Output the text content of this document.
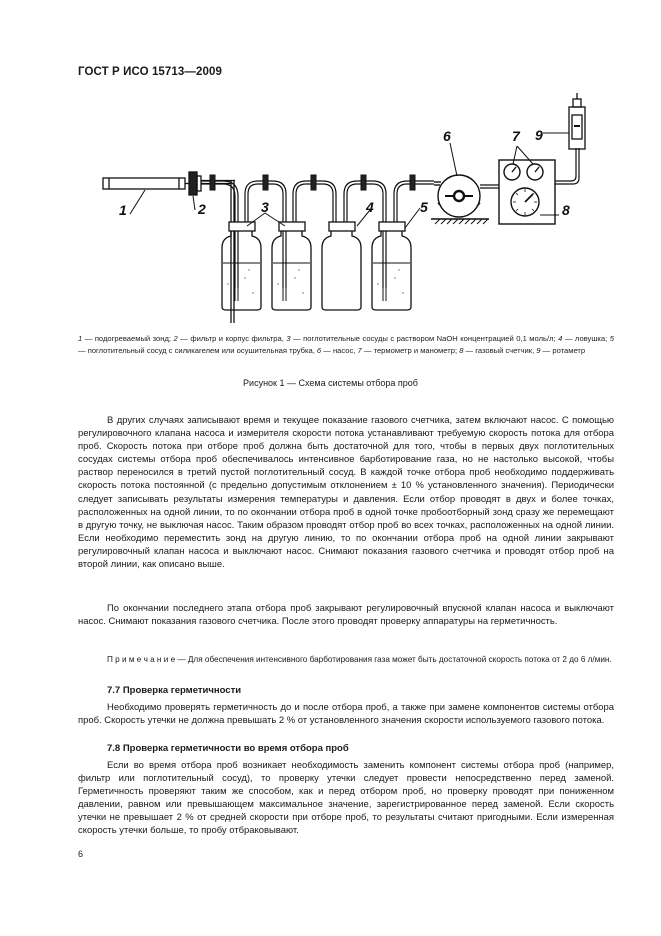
ГОСТ Р ИСО 15713—2009
1	2	3	4	5
6	7
8
9
1 — подогреваемый зонд; 2 — фильтр и корпус фильтра, 3 — поглотительные сосуды с раствором NaOH концентрацией 0,1 моль/л; 4 — ловушка; 5 — поглотительный сосуд с силикагелем или осушительная трубка, 6 — насос, 7 — термометр и манометр; 8 — газовый счетчик, 9 — ротаметр
Рисунок 1 — Схема системы отбора проб

В других случаях записывают время и текущее показание газового счетчика, затем включают насос. С помощью регулировочного клапана насоса и измерителя скорости потока устанавливают требуемую скорость потока для отбора проб. Скорость потока при отборе проб должна быть достаточной для того, чтобы в первых двух поглотительных сосудах системы отбора проб обеспечивалось интенсивное барботирование газа, но не настолько высокой, чтобы раствор переносился в третий пустой поглотительный сосуд. В каждой точке отбора проб необходимо поддерживать скорость потока постоянной (с предельно допустимым отклонением ± 10 % установленного значения). Периодически следует записывать результаты измерения температуры и давления. Если отбор проводят в двух и более точках, расположенных на одной линии, то по окончании отбора проб в одной точке пробоотборный зонд сразу же перемещают в другую точку, не выключая насос. Таким образом проводят отбор проб во всех точках, расположенных на одной линии. Если необходимо переместить зонд на другую линию, то по окончании отбора проб на одной линии закрывают регулировочный клапан насоса и выключают насос. Снимают показания газового счетчика и проводят отбор проб на второй линии, как описано выше.

По окончании последнего этапа отбора проб закрывают регулировочный впускной клапан насоса и выключают насос. Снимают показания газового счетчика. После этого проводят проверку аппаратуры на герметичность.

П р и м е ч а н и е — Для обеспечения интенсивного барботирования газа может быть достаточной скорость потока от 2 до 6 л/мин.
7.7 Проверка герметичности

Необходимо проверять герметичность до и после отбора проб, а также при замене компонентов системы отбора проб. Скорость утечки не должна превышать 2 % от установленного значения скорости используемого газового потока.

7.8 Проверка герметичности во время отбора проб

Если во время отбора проб возникает необходимость заменить компонент системы отбора проб (например, фильтр или поглотительный сосуд), то проверку утечки следует провести непосредственно перед заменой. Герметичность проверяют таким же способом, как и перед отбором проб, но проверку проводят при пониженном давлении, равном или превышающем максимальное значение, зарегистрированное перед заменой. Если скорость утечки не превышает 2 % от средней скорости при отборе проб, то результаты считают пригодными. Если измеренная скорость утечки больше, то пробу отбраковывают.

6
